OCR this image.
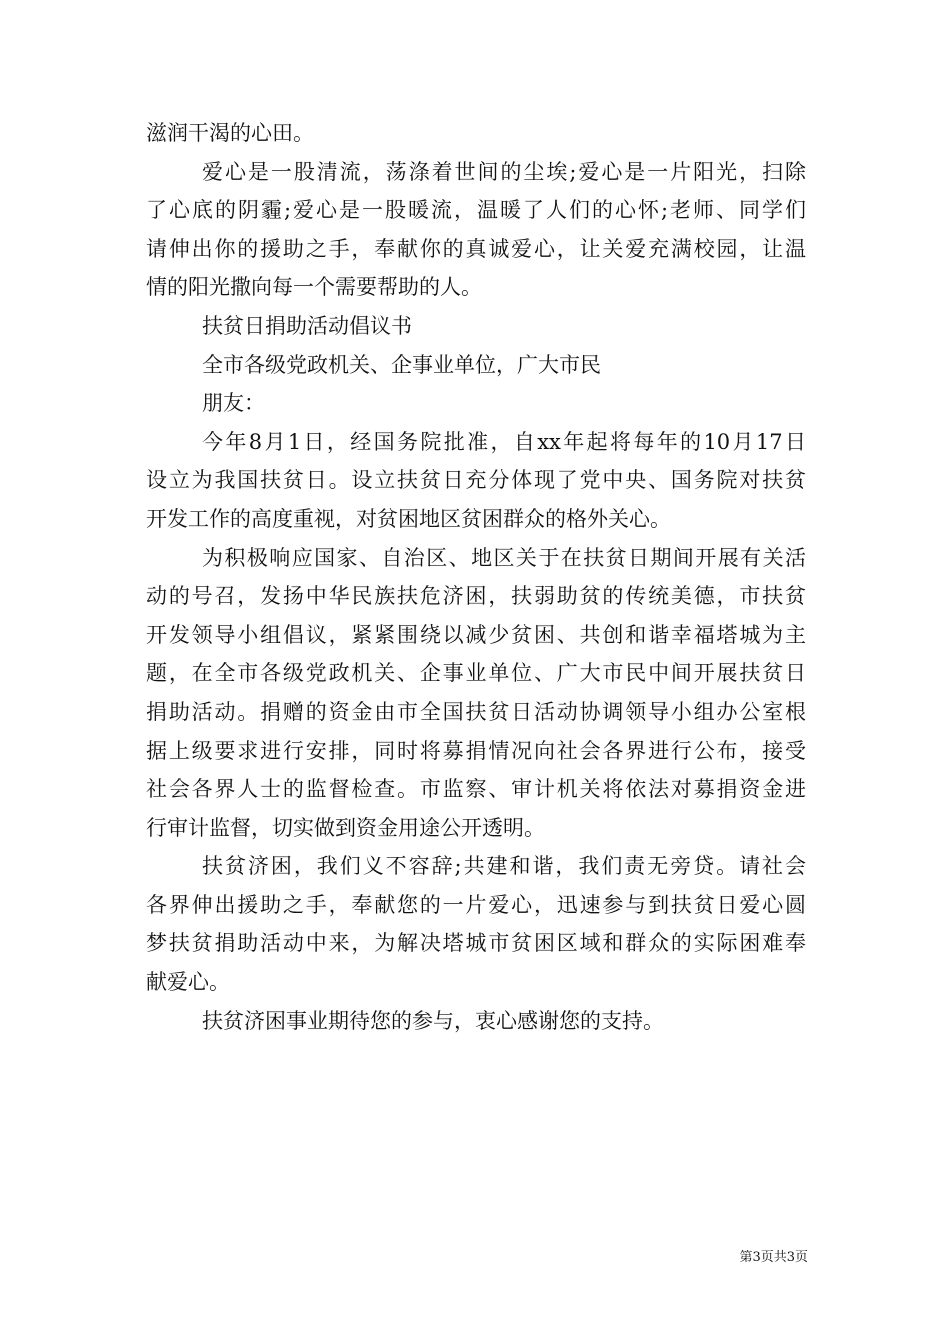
滋润干渴的心田。
爱心是一股清流，荡涤着世间的尘埃;爱心是一片阳光，扫除
了心底的阴霾;爱心是一股暖流，温暖了人们的心怀;老师、同学们
请伸出你的援助之手，奉献你的真诚爱心，让关爱充满校园，让温
情的阳光撒向每一个需要帮助的人。
扶贫日捐助活动倡议书
全市各级党政机关、企事业单位，广大市民
朋友：
今年8月1日，经国务院批准，自xx年起将每年的10月17日
设立为我国扶贫日。设立扶贫日充分体现了党中央、国务院对扶贫
开发工作的高度重视，对贫困地区贫困群众的格外关心。
为积极响应国家、自治区、地区关于在扶贫日期间开展有关活
动的号召，发扬中华民族扶危济困，扶弱助贫的传统美德，市扶贫
开发领导小组倡议，紧紧围绕以减少贫困、共创和谐幸福塔城为主
题，在全市各级党政机关、企事业单位、广大市民中间开展扶贫日
捐助活动。捐赠的资金由市全国扶贫日活动协调领导小组办公室根
据上级要求进行安排，同时将募捐情况向社会各界进行公布，接受
社会各界人士的监督检查。市监察、审计机关将依法对募捐资金进
行审计监督，切实做到资金用途公开透明。
扶贫济困，我们义不容辞;共建和谐，我们责无旁贷。请社会
各界伸出援助之手，奉献您的一片爱心，迅速参与到扶贫日爱心圆
梦扶贫捐助活动中来，为解决塔城市贫困区域和群众的实际困难奉
献爱心。
扶贫济困事业期待您的参与，衷心感谢您的支持。
第3页共3页
